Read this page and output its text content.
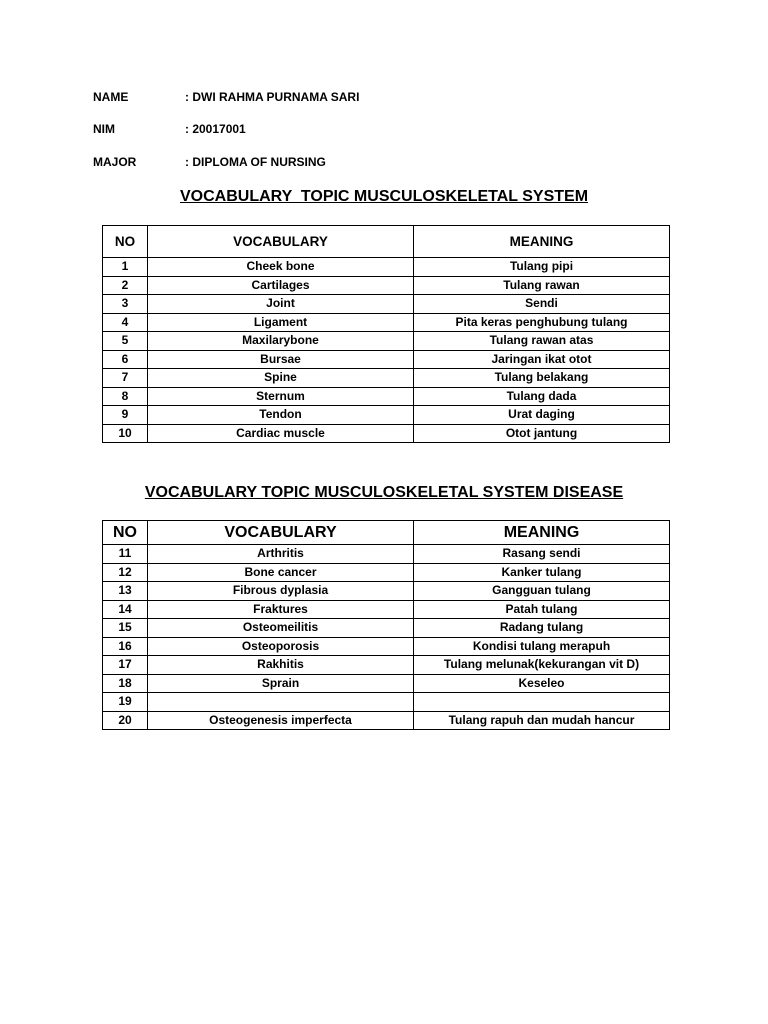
NAME	: DWI RAHMA PURNAMA SARI
NIM	: 20017001
MAJOR	: DIPLOMA OF NURSING
VOCABULARY  TOPIC MUSCULOSKELETAL SYSTEM
NO	VOCABULARY	MEANING
1	Cheek bone	Tulang pipi
2	Cartilages	Tulang rawan
3	Joint	Sendi
4	Ligament	Pita keras penghubung tulang
5	Maxilarybone	Tulang rawan atas
6	Bursae	Jaringan ikat otot
7	Spine	Tulang belakang
8	Sternum	Tulang dada
9	Tendon	Urat daging
10	Cardiac muscle	Otot jantung
VOCABULARY TOPIC MUSCULOSKELETAL SYSTEM DISEASE
NO	VOCABULARY	MEANING
11	Arthritis	Rasang sendi
12	Bone cancer	Kanker tulang
13	Fibrous dyplasia	Gangguan tulang
14	Fraktures	Patah tulang
15	Osteomeilitis	Radang tulang
16	Osteoporosis	Kondisi tulang merapuh
17	Rakhitis	Tulang melunak(kekurangan vit D)
18	Sprain	Keseleo
19		
20	Osteogenesis imperfecta	Tulang rapuh dan mudah hancur
